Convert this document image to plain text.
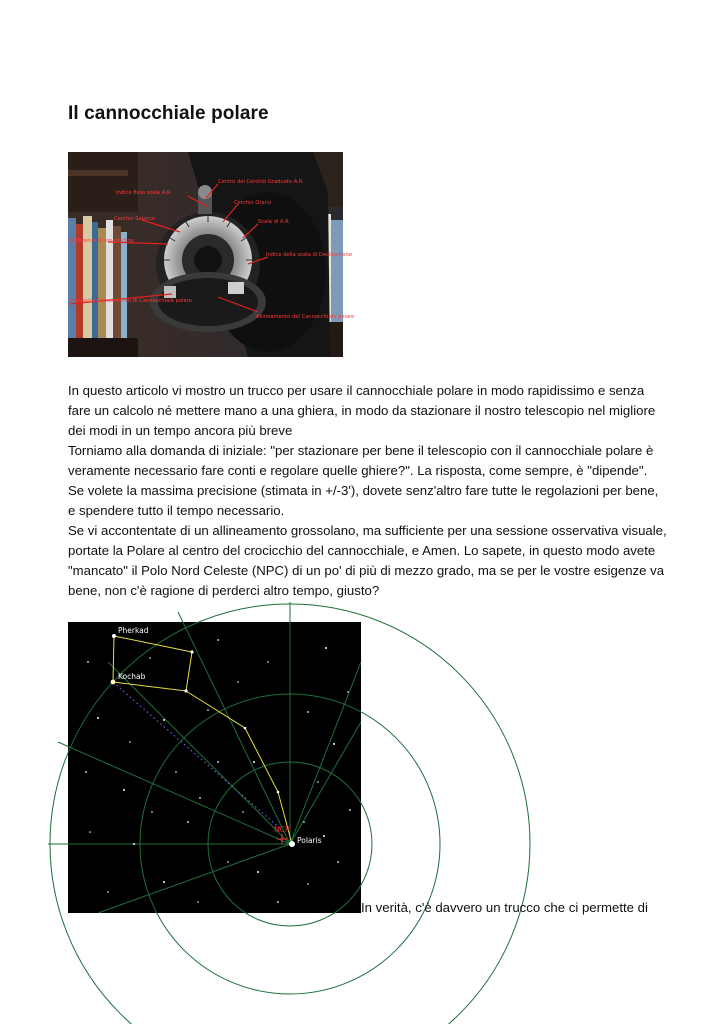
Il cannocchiale polare
Indice fisso scala A.R.
Centro del Cerchio Graduato A.R.
Cerchio Orario
Cerchio Salacco	Scala di A.R.
Differenza di longitudine
Indice della scala di Declinazione
Manopola Allineamento di Cannocchiale polare
Allineamento del Cannocchiale polare

In questo articolo vi mostro un trucco per usare il cannocchiale polare in modo rapidissimo e senza fare un calcolo né mettere mano a una ghiera, in modo da stazionare il nostro telescopio nel migliore dei modi in un tempo ancora più breve

Torniamo alla domanda di iniziale: "per stazionare per bene il telescopio con il cannocchiale polare è veramente necessario fare conti e regolare quelle ghiere?". La risposta, come sempre, è "dipende".

Se volete la massima precisione (stimata in +/-3'), dovete senz'altro fare tutte le regolazioni per bene, e spendere tutto il tempo necessario.

Se vi accontentate di un allineamento grossolano, ma sufficiente per una sessione osservativa visuale, portate la Polare al centro del crocicchio del cannocchiale, e Amen. Lo sapete, in questo modo avete "mancato" il Polo Nord Celeste (NPC) di un po' di più di mezzo grado, ma se per le vostre esigenze va bene, non c'è ragione di perderci altro tempo, giusto?

Pherkad
Kochab
Polaris
NCP
In verità, c'è davvero un trucco che ci permette di
